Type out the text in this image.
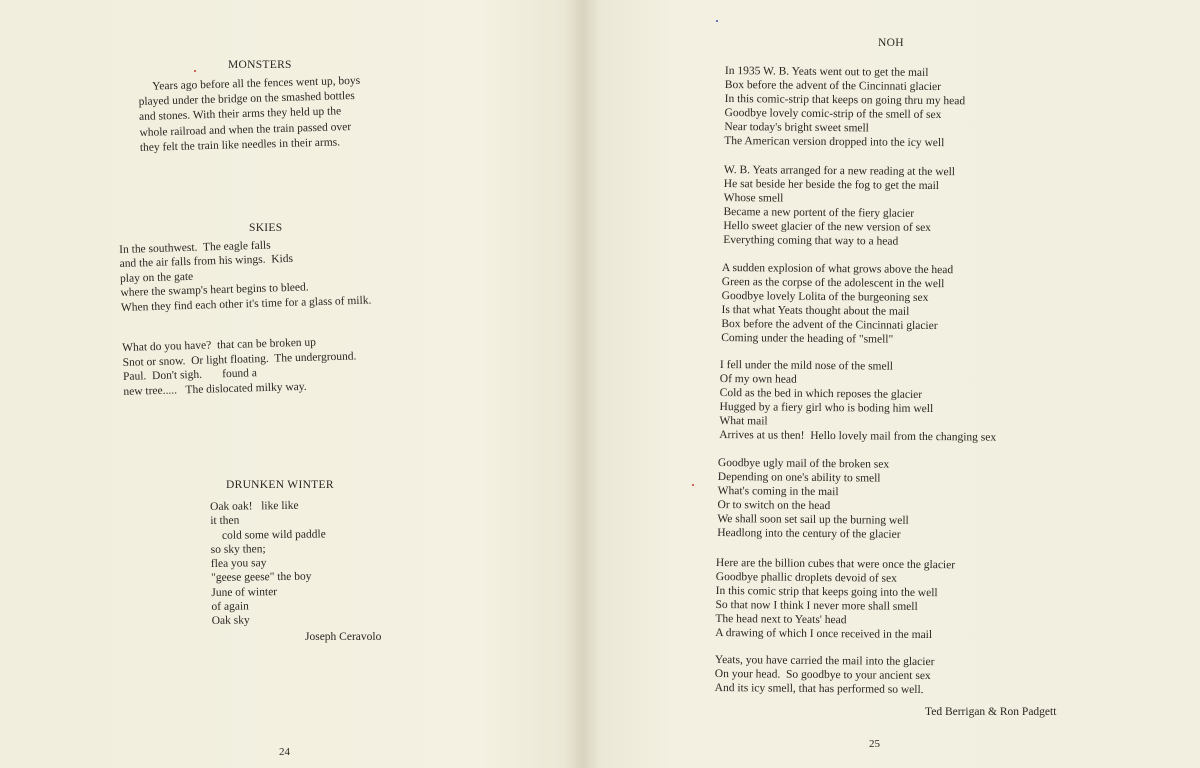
MONSTERS
Years ago before all the fences went up, boys
played under the bridge on the smashed bottles
and stones. With their arms they held up the
whole railroad and when the train passed over
they felt the train like needles in their arms.
SKIES
In the southwest.  The eagle falls
and the air falls from his wings.  Kids
play on the gate
where the swamp's heart begins to bleed.
When they find each other it's time for a glass of milk.
What do you have?  that can be broken up
Snot or snow.  Or light floating.  The underground.
Paul.  Don't sigh.       found a
new tree.....   The dislocated milky way.
DRUNKEN WINTER
Oak oak!   like like
it then
cold some wild paddle
so sky then;
flea you say
"geese geese" the boy
June of winter
of again
Oak sky
Joseph Ceravolo
24
NOH
In 1935 W. B. Yeats went out to get the mail
Box before the advent of the Cincinnati glacier
In this comic-strip that keeps on going thru my head
Goodbye lovely comic-strip of the smell of sex
Near today's bright sweet smell
The American version dropped into the icy well
W. B. Yeats arranged for a new reading at the well
He sat beside her beside the fog to get the mail
Whose smell
Became a new portent of the fiery glacier
Hello sweet glacier of the new version of sex
Everything coming that way to a head
A sudden explosion of what grows above the head
Green as the corpse of the adolescent in the well
Goodbye lovely Lolita of the burgeoning sex
Is that what Yeats thought about the mail
Box before the advent of the Cincinnati glacier
Coming under the heading of "smell"
I fell under the mild nose of the smell
Of my own head
Cold as the bed in which reposes the glacier
Hugged by a fiery girl who is boding him well
What mail
Arrives at us then!  Hello lovely mail from the changing sex
Goodbye ugly mail of the broken sex
Depending on one's ability to smell
What's coming in the mail
Or to switch on the head
We shall soon set sail up the burning well
Headlong into the century of the glacier
Here are the billion cubes that were once the glacier
Goodbye phallic droplets devoid of sex
In this comic strip that keeps going into the well
So that now I think I never more shall smell
The head next to Yeats' head
A drawing of which I once received in the mail
Yeats, you have carried the mail into the glacier
On your head.  So goodbye to your ancient sex
And its icy smell, that has performed so well.
Ted Berrigan & Ron Padgett
25
